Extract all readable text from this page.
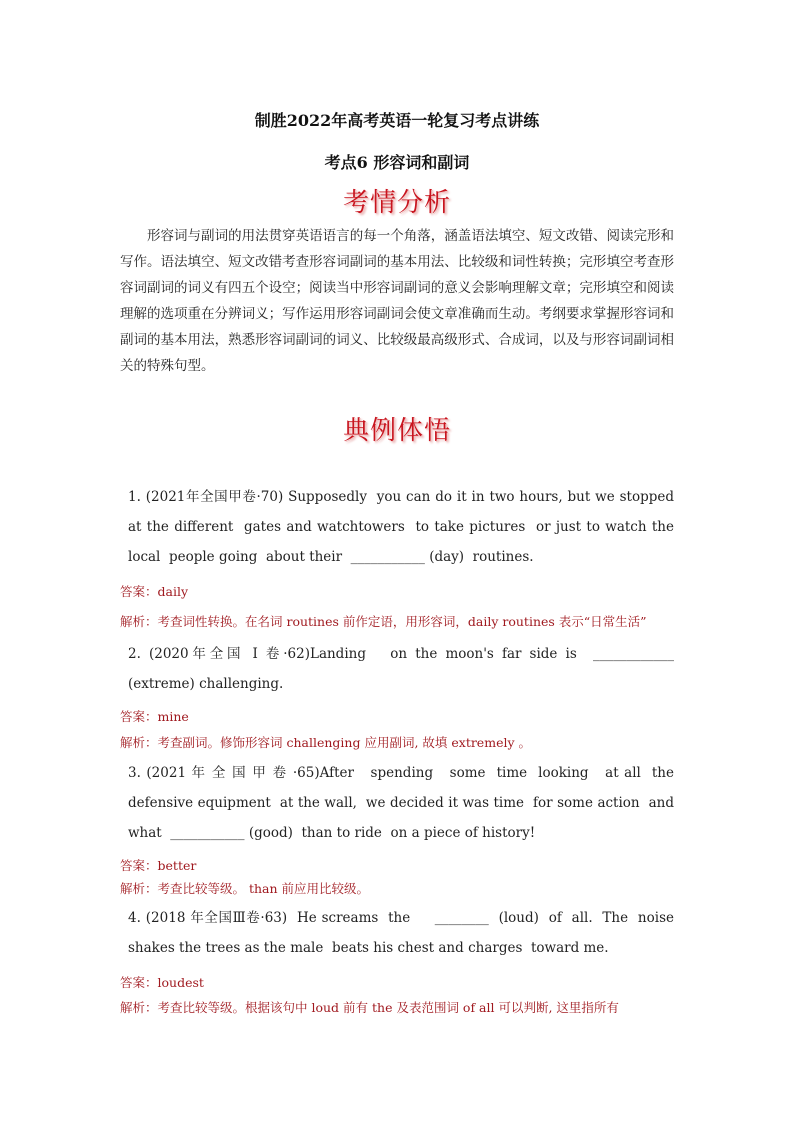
制胜2022年高考英语一轮复习考点讲练
考点6 形容词和副词
考情分析

形容词与副词的用法贯穿英语语言的每一个角落，涵盖语法填空、短文改错、阅读完形和写作。语法填空、短文改错考查形容词副词的基本用法、比较级和词性转换；完形填空考查形容词副词的词义有四五个设空；阅读当中形容词副词的意义会影响理解文章；完形填空和阅读理解的选项重在分辨词义；写作运用形容词副词会使文章准确而生动。考纲要求掌握形容词和副词的基本用法，熟悉形容词副词的词义、比较级最高级形式、合成词，以及与形容词副词相关的特殊句型。

典例体悟
1. (2021年全国甲卷·70) Supposedly  you can do it in two hours, but we stopped at the different  gates and watchtowers  to take pictures  or just to watch the local  people going  about their  ___________ (day)  routines.
答案：daily
解析：考查词性转换。在名词 routines 前作定语，用形容词，daily routines 表示“日常生活”
2. (2020年全国 I 卷·62)Landing   on the moon's far side is  ____________  (extreme) challenging.
答案：mine
解析：考查副词。修饰形容词 challenging 应用副词, 故填 extremely 。
3. (2021 年 全 国 甲 卷 ·65)After   spending   some  time  looking   at all  the  defensive equipment  at the wall,  we decided it was time  for some action  and what  ___________ (good)  than to ride  on a piece of history!
答案：better
解析：考查比较等级。 than 前应用比较级。
4. (2018 年全国Ⅲ卷·63)  He screams  the     ________  (loud)  of  all.  The  noise  shakes the trees as the male  beats his chest and charges  toward me.
答案：loudest
解析：考查比较等级。根据该句中 loud 前有 the 及表范围词 of all 可以判断, 这里指所有
